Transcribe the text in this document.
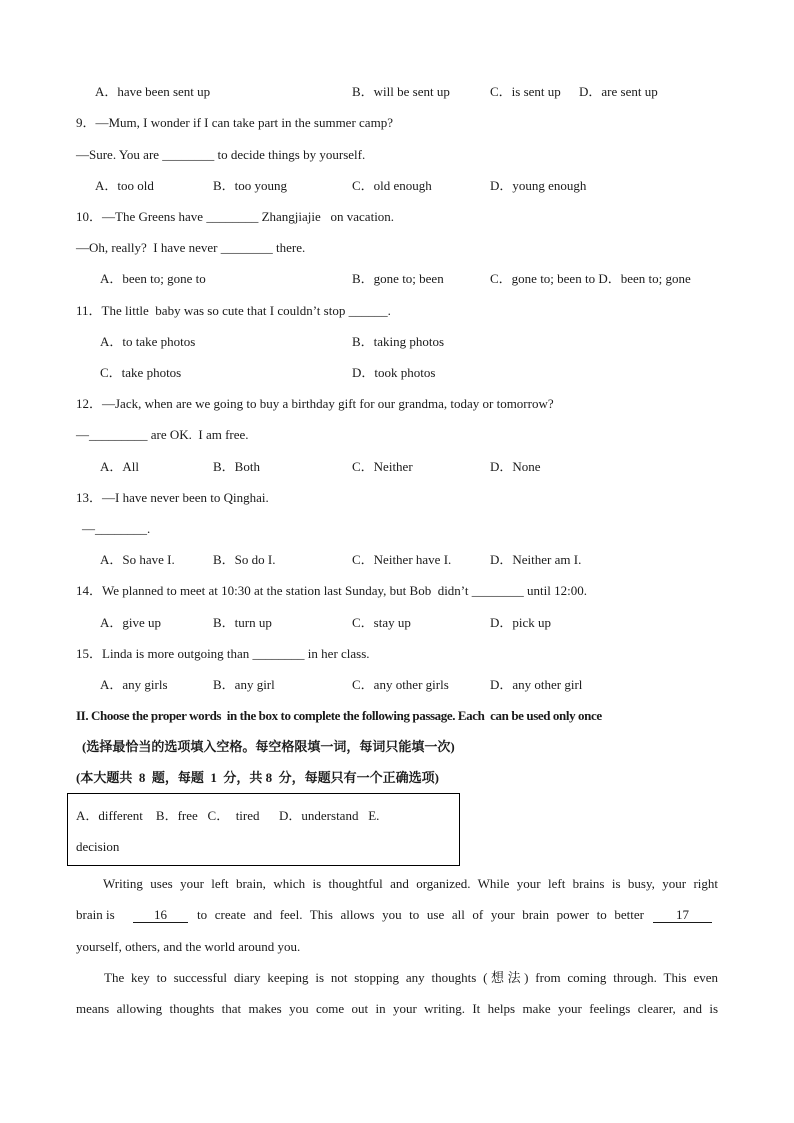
A．have been sent up	B．will be sent up	C．is sent up D．are sent up
9．—Mum, I wonder if I can take part in the summer camp?
—Sure. You are ________ to decide things by yourself.
A．too old	B．too young	C．old enough	D．young enough
10．—The Greens have ________ Zhangjiajie   on vacation.
—Oh, really?  I have never ________ there.
A．been to; gone to	B．gone to; been	C．gone to; been to D．been to; gone
11．The little  baby was so cute that I couldn’t stop ______.
A．to take photos	B．taking photos
C．take photos	D．took photos
12．—Jack, when are we going to buy a birthday gift for our grandma, today or tomorrow?
—_________ are OK.  I am free.
A．All	B．Both	C．Neither	D．None
13．—I have never been to Qinghai.
—________.
A．So have I.	B．So do I.	C．Neither have I.	D．Neither am I.
14．We planned to meet at 10:30 at the station last Sunday, but Bob  didn’t ________ until 12:00.
A．give up	B．turn up	C．stay up	D．pick up
15．Linda is more outgoing than ________ in her class.
A．any girls	B．any girl	C．any other girls	D．any other girl
II. Choose the proper words  in the box to complete the following passage. Each  can be used only once
(选择最恰当的选项填入空格。每空格限填一词，每词只能填一次)
(本大题共  8  题，每题  1  分，共 8  分，每题只有一个正确选项)
A．different    B．free   C．  tired      D．understand   E.
decision
Writing uses your left brain, which is thoughtful and organized. While your left brains is busy, your right
brain is	16	to create and feel. This allows you to use all of your brain power to better	17
yourself, others, and the world around you.
The key to successful diary keeping is not stopping any thoughts (想法) from coming through. This even
means allowing thoughts that makes you come out in your writing. It helps make your feelings clearer, and is
